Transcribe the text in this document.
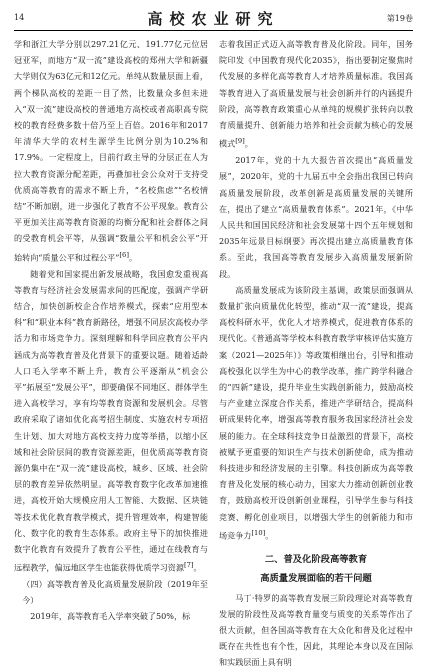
14	高校农业研究	第19卷

学和浙江大学分别以297.21亿元、191.77亿元位居冠亚军，而地方“双一流”建设高校的郑州大学和新疆大学则仅为63亿元和12亿元。单纯从数量层面上看，两个梯队高校的差距一目了然，比数量众多但未进入“双一流”建设高校的普通地方高校或者高职高专院校的教育经费多数十倍乃至上百倍。2016年和2017年清华大学的农村生源学生比例分别为10.2%和17.9%。一定程度上，目前行政主导的分层正在人为拉大教育资源分配差距，再叠加社会公众对于支持受优质高等教育的需求不断上升，“名校焦虑”“名校情结”不断加剧，进一步强化了教育不公平现象。教育公平更加关注高等教育资源的均衡分配和社会群体之间的受教育机会平等，从强调“数量公平和机会公平”开始转向“质量公平和过程公平”[6]。

随着党和国家提出新发展战略，我国愈发重视高等教育与经济社会发展需求间的匹配度，强调产学研结合，加快创新校企合作培养模式，探索“应用型本科”和“职业本科”教育新路径，增强不同层次高校办学活力和市场竞争力。深刻理解和科学回应教育公平内涵成为高等教育普及化背景下的重要议题。随着适龄人口毛入学率不断上升，教育公平逐渐从“机会公平”拓展至“发展公平”，即要确保不同地区、群体学生进入高校学习，享有均等教育资源和发展机会。尽管政府采取了诸如优化高考招生制度、实施农村专项招生计划、加大对地方高校支持力度等举措，以缩小区域和社会阶层间的教育资源差距，但优质高等教育资源仍集中在“双一流”建设高校，城乡、区域、社会阶层的教育差异依然明显。高等教育数字化改革加速推进，高校开始大规模应用人工智能、大数据、区块链等技术优化教育教学模式，提升管理效率，构建智能化、数字化的教育生态体系。政府主导下的加快推进数字化教育有效提升了教育公平性，通过在线教育与远程教学，偏远地区学生也能获得优质学习资源[7]。

（四）高等教育普及化高质量发展阶段（2019年至今）

2019年，高等教育毛入学率突破了50%，标

志着我国正式迈入高等教育普及化阶段。同年，国务院印发《中国教育现代化2035》，指出要制定聚焦时代发展的多样化高等教育人才培养质量标准。我国高等教育进入了高质量发展与社会创新并行的内涵提升阶段，高等教育政策重心从单纯的规模扩张转向以教育质量提升、创新能力培养和社会贡献为核心的发展模式[9]。

2017年，党的十九大报告首次提出“高质量发展”，2020年，党的十九届五中全会指出我国已转向高质量发展阶段，改革创新是高质量发展的关键所在，提出了建立“高质量教育体系”。2021年，《中华人民共和国国民经济和社会发展第十四个五年规划和2035年远景目标纲要》再次提出建立高质量教育体系。至此，我国高等教育发展步入高质量发展新阶段。

高质量发展成为该阶段主基调，政策层面强调从数量扩张向质量优化转型，推动“双一流”建设，提高高校科研水平，优化人才培养模式，促进教育体系的现代化。《普通高等学校本科教育教学审核评估实施方案（2021—2025年）》等政策相继出台，引导和推动高校强化以学生为中心的教学改革，推广跨学科融合的“四新”建设，提升毕业生实践创新能力，鼓励高校与产业建立深度合作关系，推进产学研结合，提高科研成果转化率，增强高等教育服务我国家经济社会发展的能力。在全球科技竞争日益激烈的背景下，高校被赋予更重要的知识生产与技术创新使命，成为推动科技进步和经济发展的主引擎。科技创新成为高等教育普及化发展的核心动力，国家大力推动创新创业教育，鼓励高校开设创新创业课程，引导学生参与科技竞赛、孵化创业项目，以增强大学生的创新能力和市场竞争力[10]。

二、普及化阶段高等教育
高质量发展面临的若干问题

马丁·特罗的高等教育发展三阶段理论对高等教育发展的阶段性及高等教育量变与质变的关系等作出了很大贡献，但各国高等教育在大众化和普及化过程中既存在共性也有个性，因此，其理论本身以及在国际和实践层面上具有明
